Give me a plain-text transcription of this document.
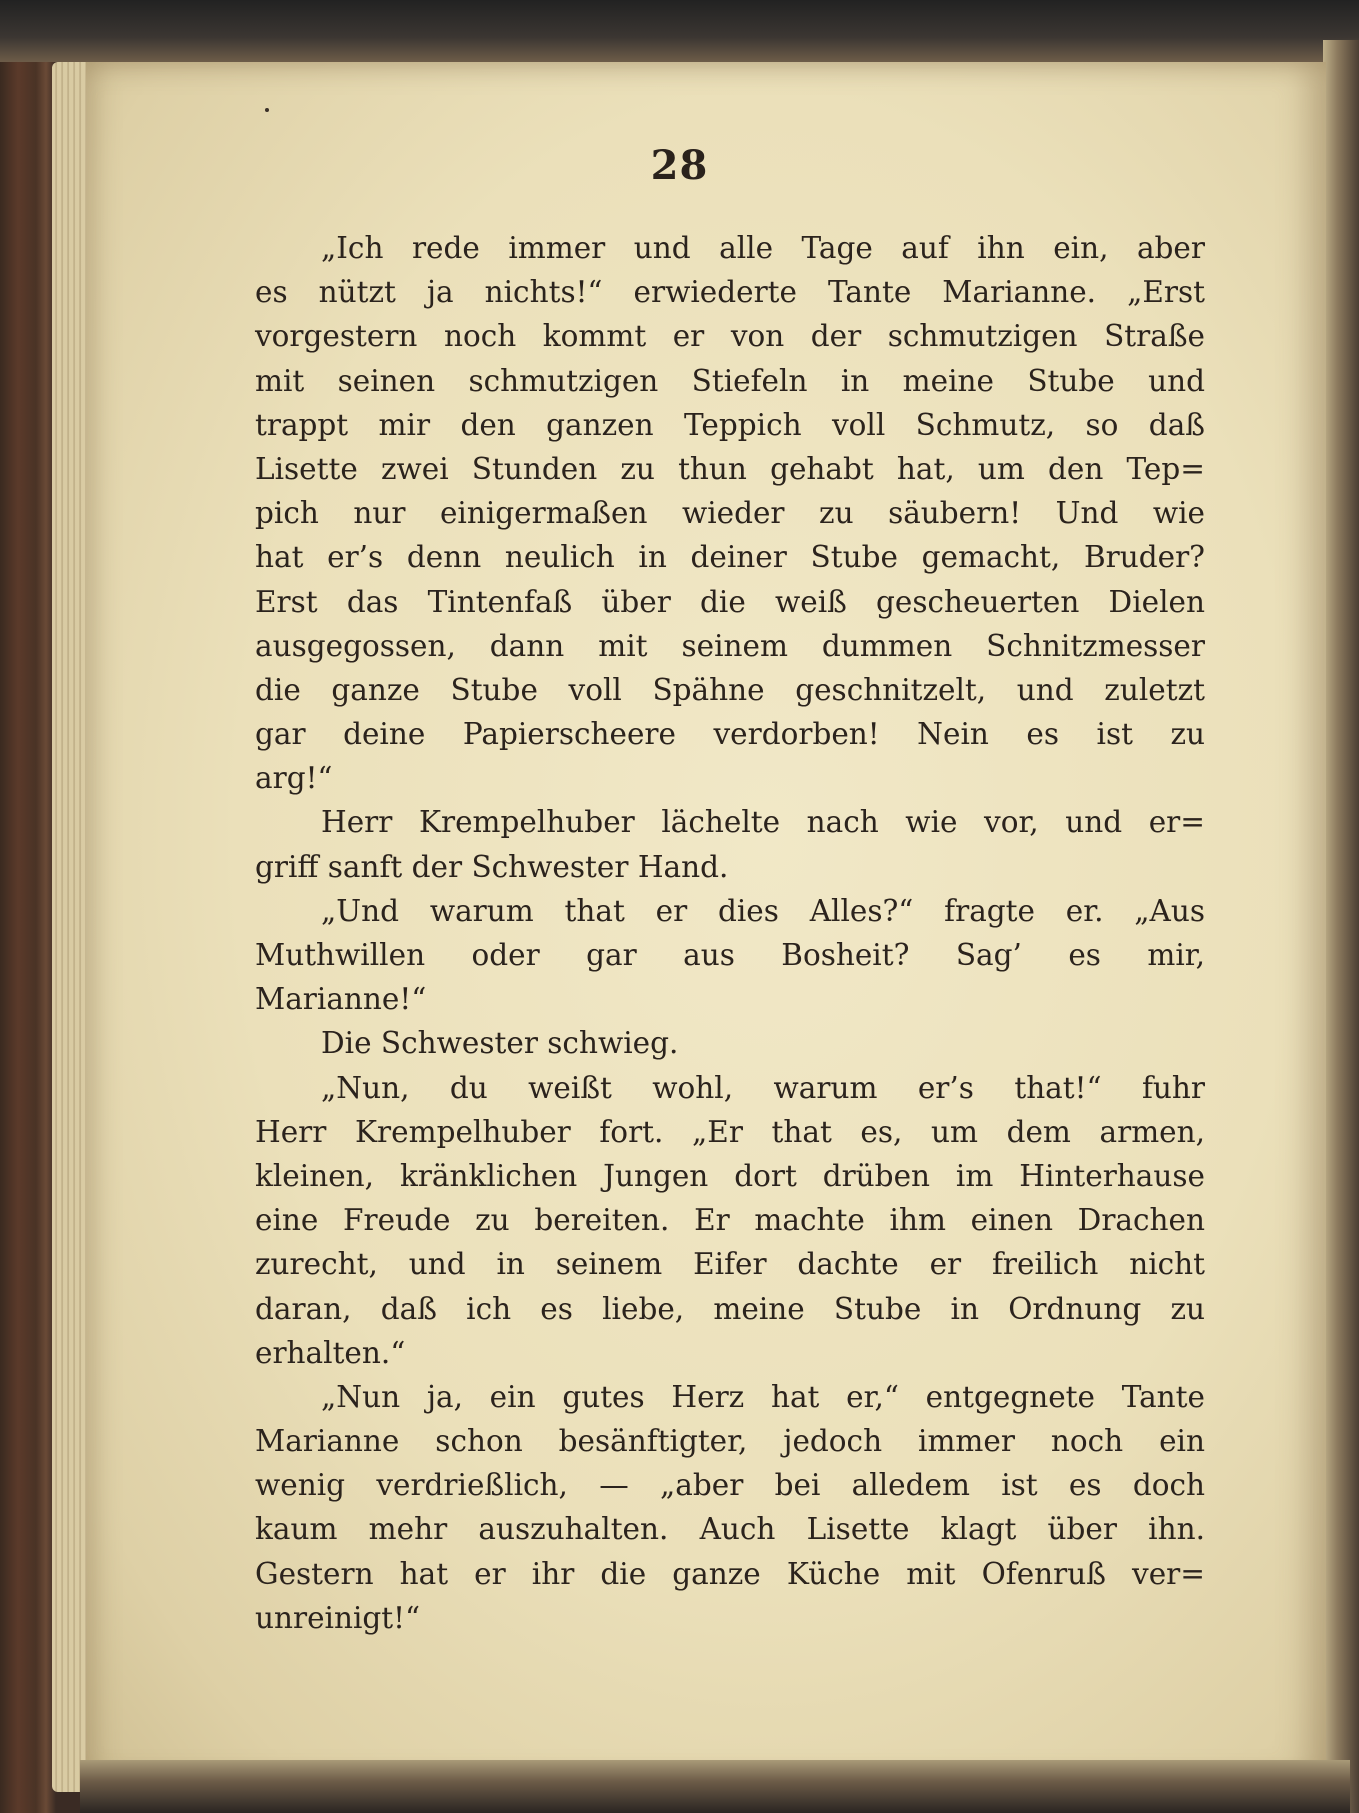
28
„Ich rede immer und alle Tage auf ihn ein, aber
es nützt ja nichts!“ erwiederte Tante Marianne. „Erst
vorgestern noch kommt er von der schmutzigen Straße
mit seinen schmutzigen Stiefeln in meine Stube und
trappt mir den ganzen Teppich voll Schmutz, so daß
Lisette zwei Stunden zu thun gehabt hat, um den Tep=
pich nur einigermaßen wieder zu säubern! Und wie
hat er’s denn neulich in deiner Stube gemacht, Bruder?
Erst das Tintenfaß über die weiß gescheuerten Dielen
ausgegossen, dann mit seinem dummen Schnitzmesser
die ganze Stube voll Spähne geschnitzelt, und zuletzt
gar deine Papierscheere verdorben! Nein es ist zu
arg!“
Herr Krempelhuber lächelte nach wie vor, und er=
griff sanft der Schwester Hand.
„Und warum that er dies Alles?“ fragte er. „Aus
Muthwillen oder gar aus Bosheit? Sag’ es mir,
Marianne!“
Die Schwester schwieg.
„Nun, du weißt wohl, warum er’s that!“ fuhr
Herr Krempelhuber fort. „Er that es, um dem armen,
kleinen, kränklichen Jungen dort drüben im Hinterhause
eine Freude zu bereiten. Er machte ihm einen Drachen
zurecht, und in seinem Eifer dachte er freilich nicht
daran, daß ich es liebe, meine Stube in Ordnung zu
erhalten.“
„Nun ja, ein gutes Herz hat er,“ entgegnete Tante
Marianne schon besänftigter, jedoch immer noch ein
wenig verdrießlich, — „aber bei alledem ist es doch
kaum mehr auszuhalten. Auch Lisette klagt über ihn.
Gestern hat er ihr die ganze Küche mit Ofenruß ver=
unreinigt!“
